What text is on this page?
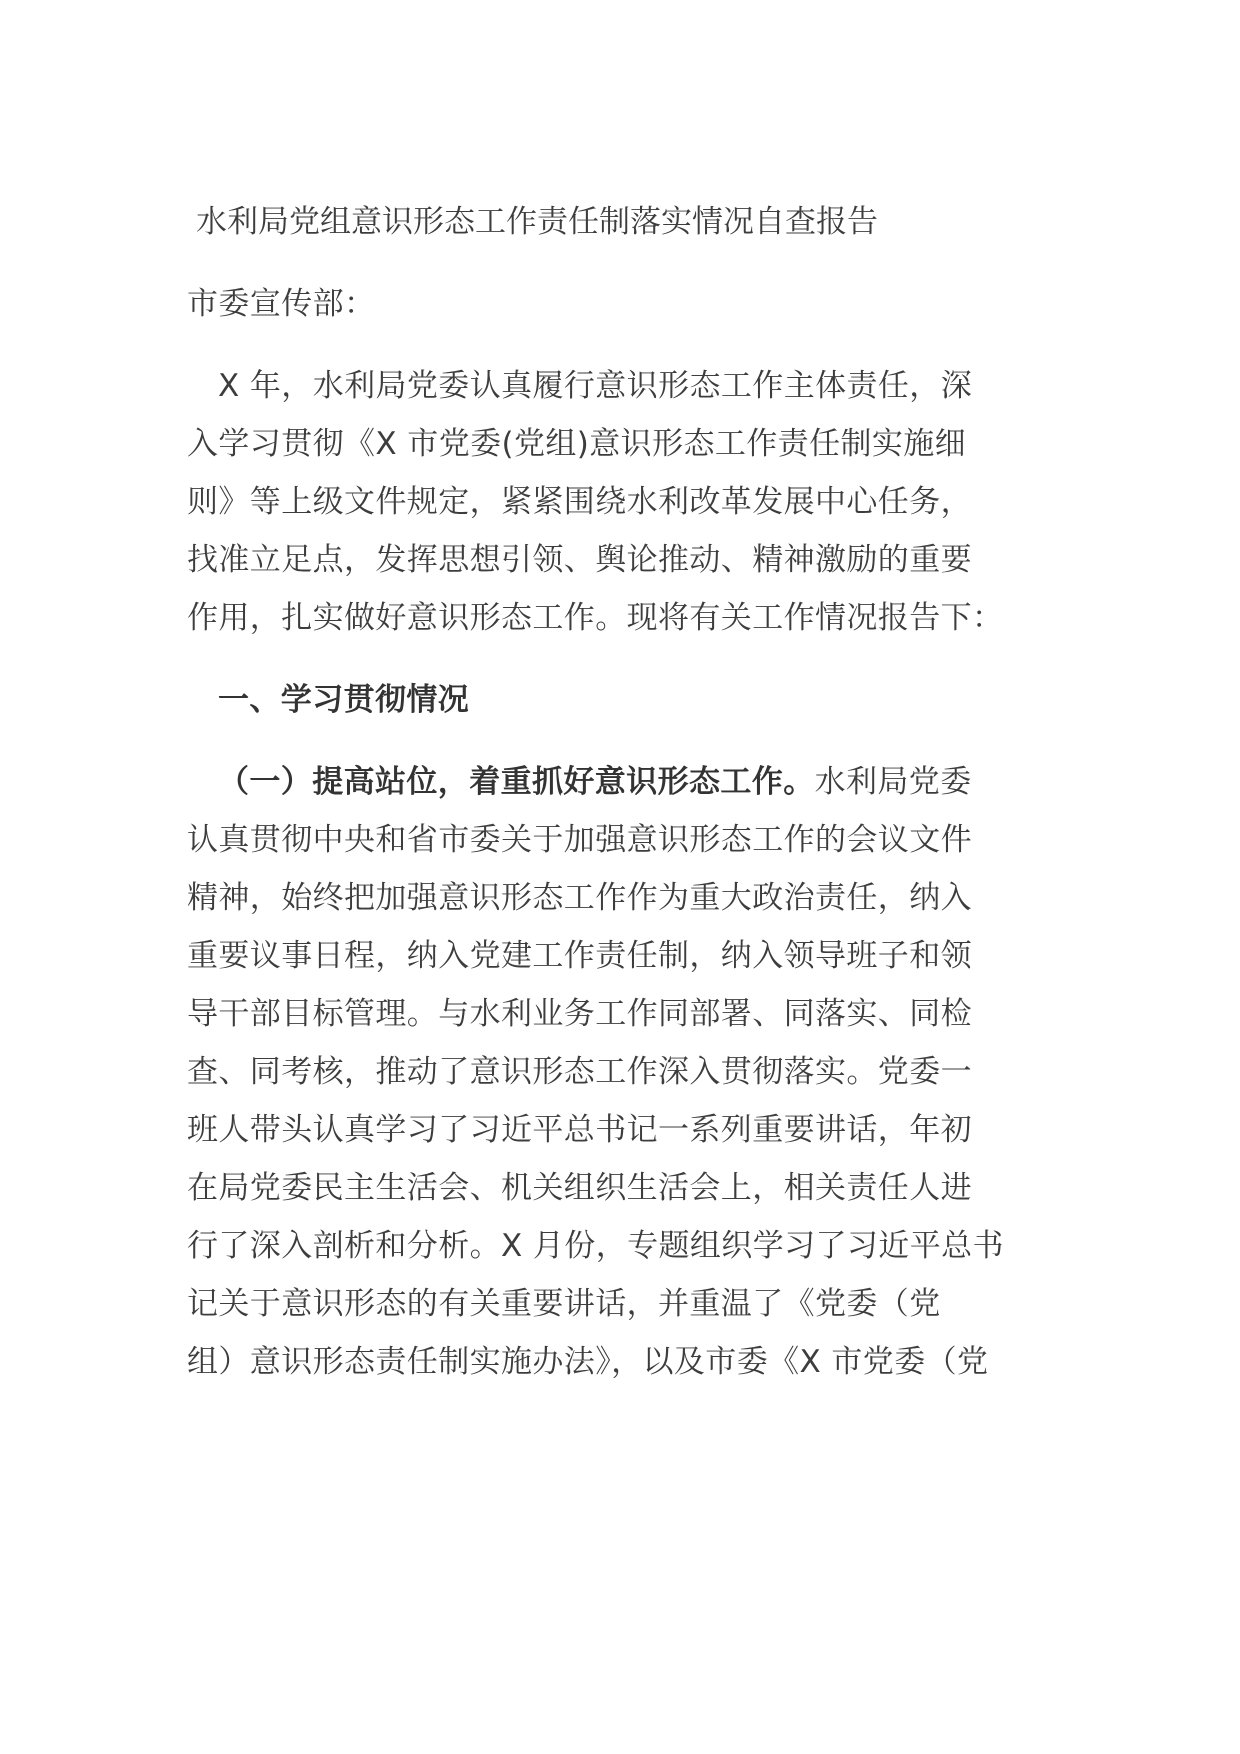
水利局党组意识形态工作责任制落实情况自查报告
市委宣传部：
X 年，水利局党委认真履行意识形态工作主体责任，深
入学习贯彻《X 市党委(党组)意识形态工作责任制实施细
则》等上级文件规定，紧紧围绕水利改革发展中心任务，
找准立足点，发挥思想引领、舆论推动、精神激励的重要
作用，扎实做好意识形态工作。现将有关工作情况报告下：
一、学习贯彻情况
（一）提高站位，着重抓好意识形态工作。水利局党委
认真贯彻中央和省市委关于加强意识形态工作的会议文件
精神，始终把加强意识形态工作作为重大政治责任，纳入
重要议事日程，纳入党建工作责任制，纳入领导班子和领
导干部目标管理。与水利业务工作同部署、同落实、同检
查、同考核，推动了意识形态工作深入贯彻落实。党委一
班人带头认真学习了习近平总书记一系列重要讲话，年初
在局党委民主生活会、机关组织生活会上，相关责任人进
行了深入剖析和分析。X 月份，专题组织学习了习近平总书
记关于意识形态的有关重要讲话，并重温了《党委（党
组）意识形态责任制实施办法》，以及市委《X 市党委（党
